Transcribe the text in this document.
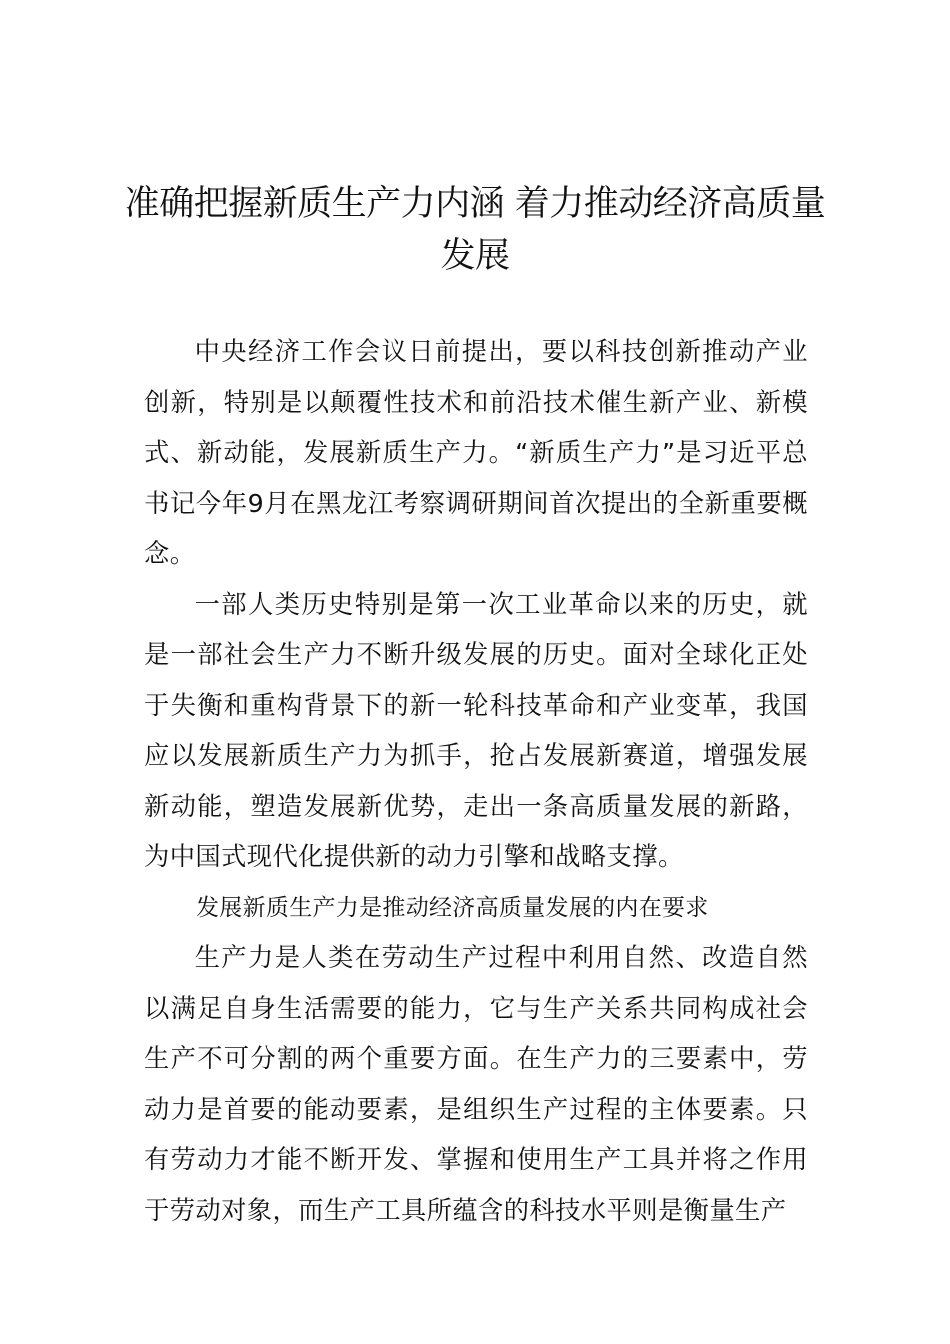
准确把握新质生产力内涵 着力推动经济高质量发展

中央经济工作会议日前提出，要以科技创新推动产业创新，特别是以颠覆性技术和前沿技术催生新产业、新模式、新动能，发展新质生产力。“新质生产力”是习近平总书记今年9月在黑龙江考察调研期间首次提出的全新重要概念。

一部人类历史特别是第一次工业革命以来的历史，就是一部社会生产力不断升级发展的历史。面对全球化正处于失衡和重构背景下的新一轮科技革命和产业变革，我国应以发展新质生产力为抓手，抢占发展新赛道，增强发展新动能，塑造发展新优势，走出一条高质量发展的新路，为中国式现代化提供新的动力引擎和战略支撑。

发展新质生产力是推动经济高质量发展的内在要求

生产力是人类在劳动生产过程中利用自然、改造自然以满足自身生活需要的能力，它与生产关系共同构成社会生产不可分割的两个重要方面。在生产力的三要素中，劳动力是首要的能动要素，是组织生产过程的主体要素。只有劳动力才能不断开发、掌握和使用生产工具并将之作用于劳动对象，而生产工具所蕴含的科技水平则是衡量生产
